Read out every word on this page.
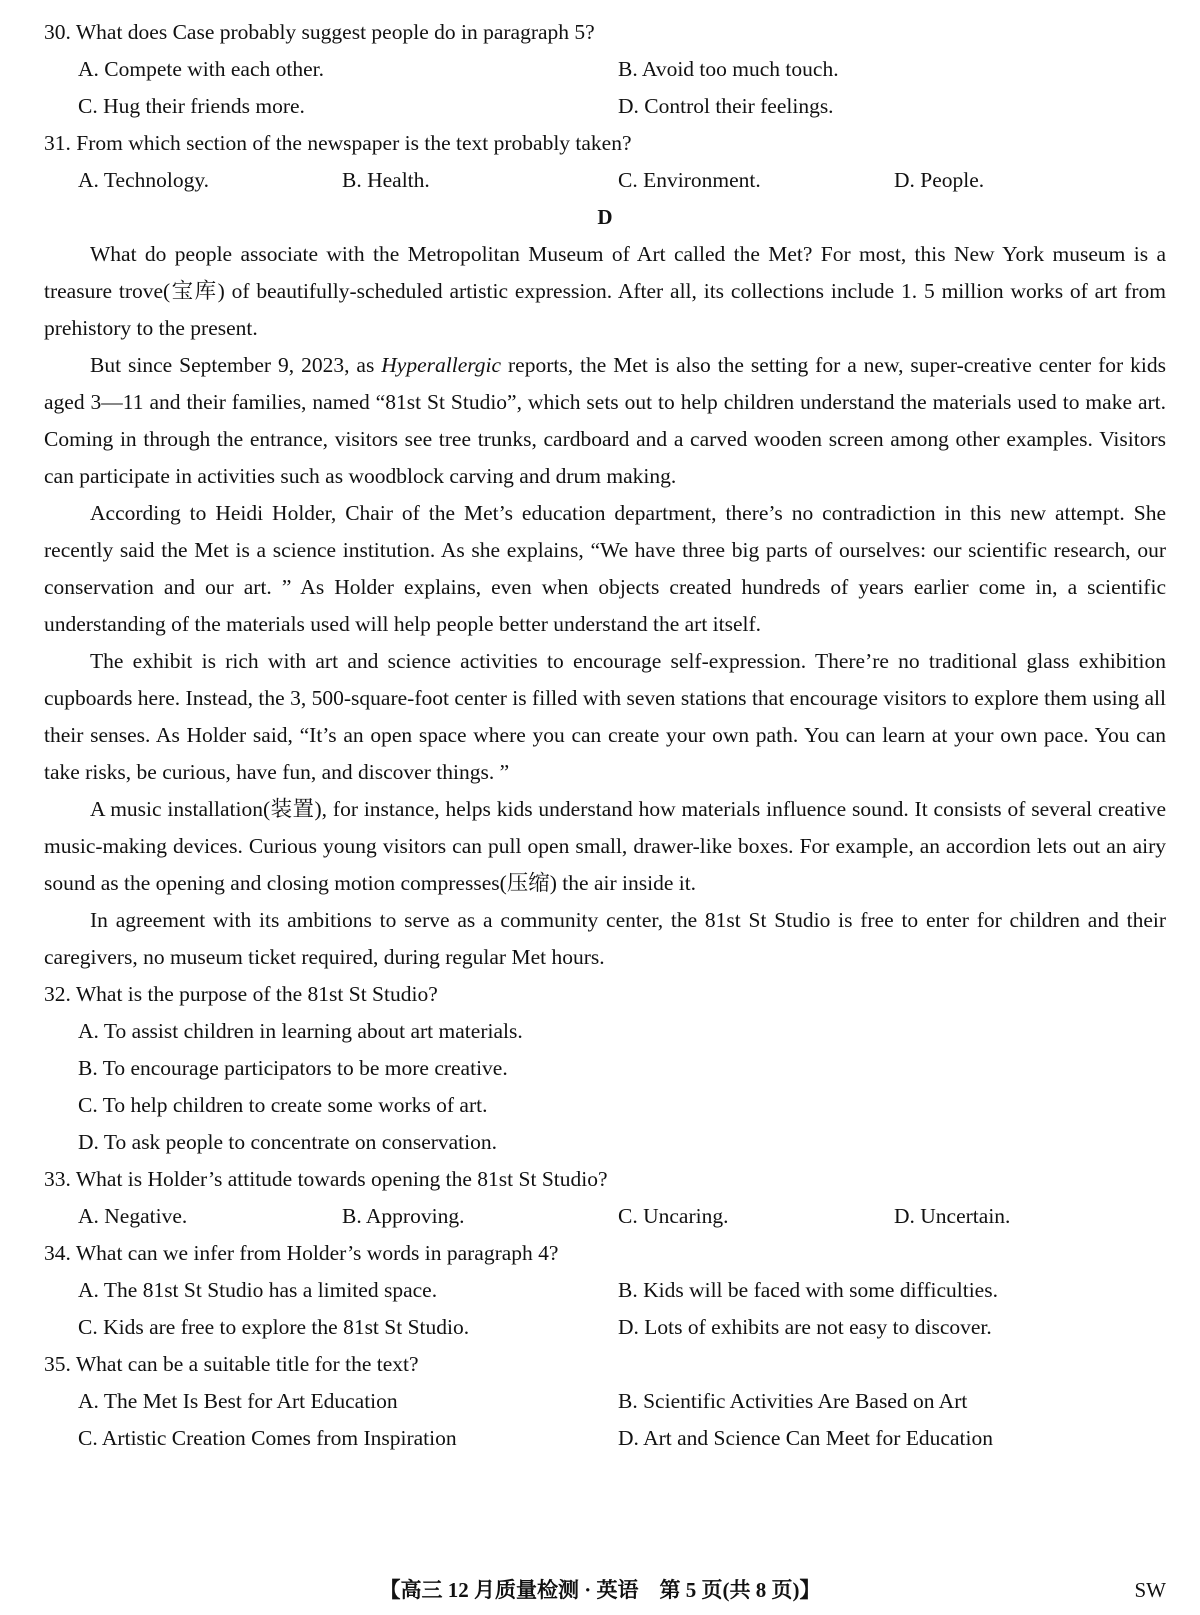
30. What does Case probably suggest people do in paragraph 5?
A. Compete with each other.	B. Avoid too much touch.
C. Hug their friends more.	D. Control their feelings.
31. From which section of the newspaper is the text probably taken?
A. Technology.	B. Health.	C. Environment.	D. People.
D

What do people associate with the Metropolitan Museum of Art called the Met? For most, this New York museum is a treasure trove(宝库) of beautifully-scheduled artistic expression. After all, its collections include 1. 5 million works of art from prehistory to the present.

But since September 9, 2023, as Hyperallergic reports, the Met is also the setting for a new, super-creative center for kids aged 3—11 and their families, named “81st St Studio”, which sets out to help children understand the materials used to make art. Coming in through the entrance, visitors see tree trunks, cardboard and a carved wooden screen among other examples. Visitors can participate in activities such as woodblock carving and drum making.

According to Heidi Holder, Chair of the Met’s education department, there’s no contradiction in this new attempt. She recently said the Met is a science institution. As she explains, “We have three big parts of ourselves: our scientific research, our conservation and our art. ” As Holder explains, even when objects created hundreds of years earlier come in, a scientific understanding of the materials used will help people better understand the art itself.

The exhibit is rich with art and science activities to encourage self-expression. There’re no traditional glass exhibition cupboards here. Instead, the 3, 500-square-foot center is filled with seven stations that encourage visitors to explore them using all their senses. As Holder said, “It’s an open space where you can create your own path. You can learn at your own pace. You can take risks, be curious, have fun, and discover things. ”

A music installation(装置), for instance, helps kids understand how materials influence sound. It consists of several creative music-making devices. Curious young visitors can pull open small, drawer-like boxes. For example, an accordion lets out an airy sound as the opening and closing motion compresses(压缩) the air inside it.

In agreement with its ambitions to serve as a community center, the 81st St Studio is free to enter for children and their caregivers, no museum ticket required, during regular Met hours.

32. What is the purpose of the 81st St Studio?
A. To assist children in learning about art materials.
B. To encourage participators to be more creative.
C. To help children to create some works of art.
D. To ask people to concentrate on conservation.
33. What is Holder’s attitude towards opening the 81st St Studio?
A. Negative.	B. Approving.	C. Uncaring.	D. Uncertain.
34. What can we infer from Holder’s words in paragraph 4?
A. The 81st St Studio has a limited space.	B. Kids will be faced with some difficulties.
C. Kids are free to explore the 81st St Studio.	D. Lots of exhibits are not easy to discover.
35. What can be a suitable title for the text?
A. The Met Is Best for Art Education	B. Scientific Activities Are Based on Art
C. Artistic Creation Comes from Inspiration	D. Art and Science Can Meet for Education
【高三 12 月质量检测 · 英语　第 5 页(共 8 页)】	SW
